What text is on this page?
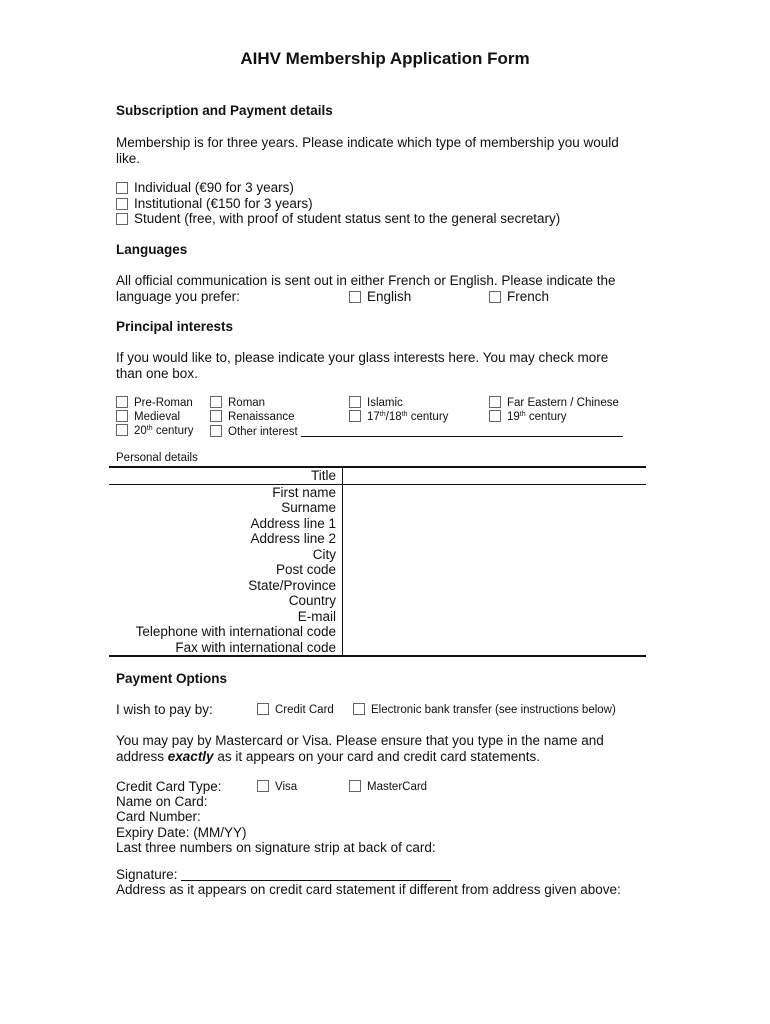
AIHV Membership Application Form
Subscription and Payment details
Membership is for three years. Please indicate which type of membership you would
like.
Individual (€90 for 3 years)
Institutional (€150 for 3 years)
Student (free, with proof of student status sent to the general secretary)
Languages
All official communication is sent out in either French or English. Please indicate the
language you prefer:	English	French
Principal interests
If you would like to, please indicate your glass interests here. You may check more
than one box.
Pre-Roman	Roman	Islamic	Far Eastern / Chinese
Medieval	Renaissance	17th/18th century	19th century
20th century	Other interest
Personal details
Title
First name
Surname
Address line 1
Address line 2
City
Post code
State/Province
Country
E-mail
Telephone with international code
Fax with international code
Payment Options
I wish to pay by:	Credit Card	Electronic bank transfer (see instructions below)
You may pay by Mastercard or Visa. Please ensure that you type in the name and
address exactly as it appears on your card and credit card statements.
Credit Card Type:	Visa	MasterCard
Name on Card:
Card Number:
Expiry Date: (MM/YY)
Last three numbers on signature strip at back of card:
Signature:
Address as it appears on credit card statement if different from address given above:
